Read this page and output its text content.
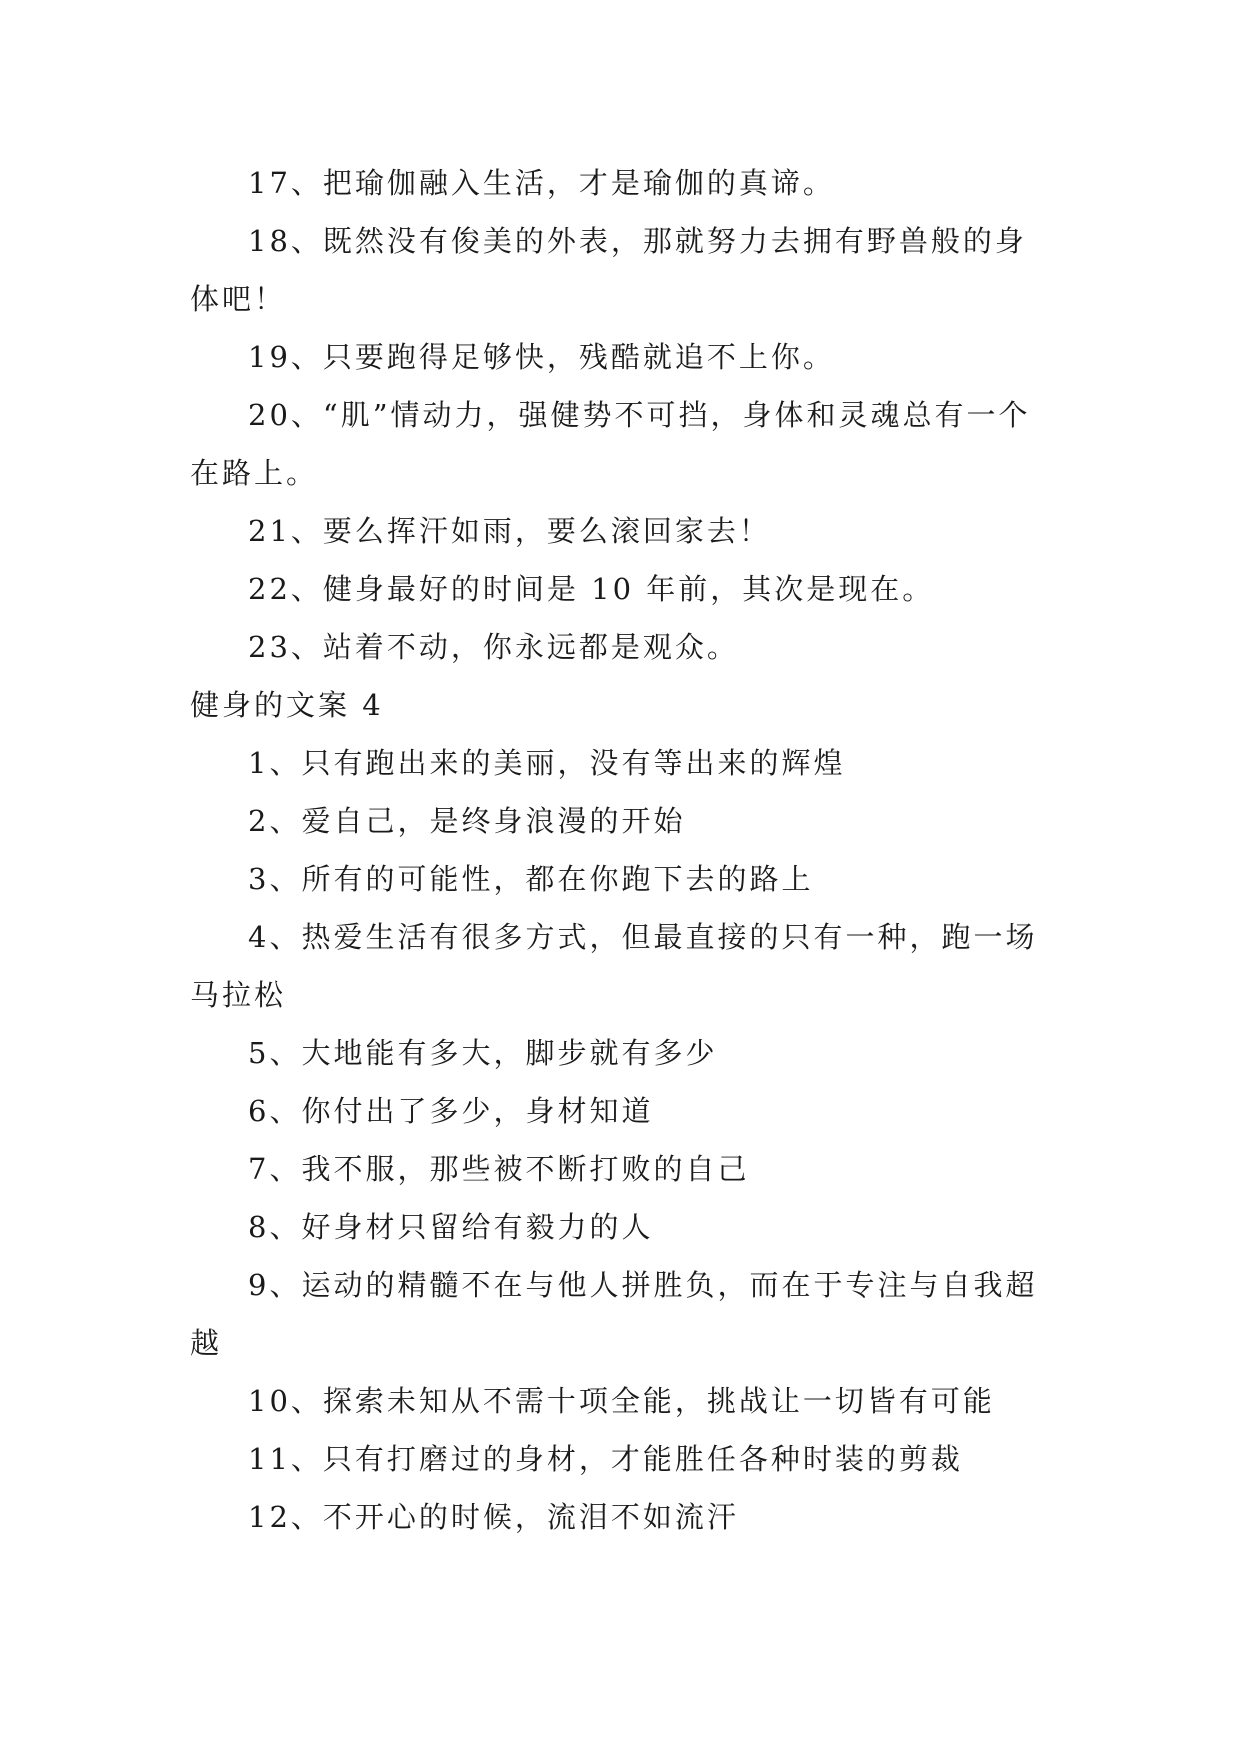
17、把瑜伽融入生活，才是瑜伽的真谛。

18、既然没有俊美的外表，那就努力去拥有野兽般的身体吧！

19、只要跑得足够快，残酷就追不上你。

20、“肌”情动力，强健势不可挡，身体和灵魂总有一个在路上。

21、要么挥汗如雨，要么滚回家去！

22、健身最好的时间是 10 年前，其次是现在。

23、站着不动，你永远都是观众。

健身的文案 4

1、只有跑出来的美丽，没有等出来的辉煌

2、爱自己，是终身浪漫的开始

3、所有的可能性，都在你跑下去的路上

4、热爱生活有很多方式，但最直接的只有一种，跑一场马拉松

5、大地能有多大，脚步就有多少

6、你付出了多少，身材知道

7、我不服，那些被不断打败的自己

8、好身材只留给有毅力的人

9、运动的精髓不在与他人拼胜负，而在于专注与自我超越

10、探索未知从不需十项全能，挑战让一切皆有可能

11、只有打磨过的身材，才能胜任各种时装的剪裁

12、不开心的时候，流泪不如流汗
